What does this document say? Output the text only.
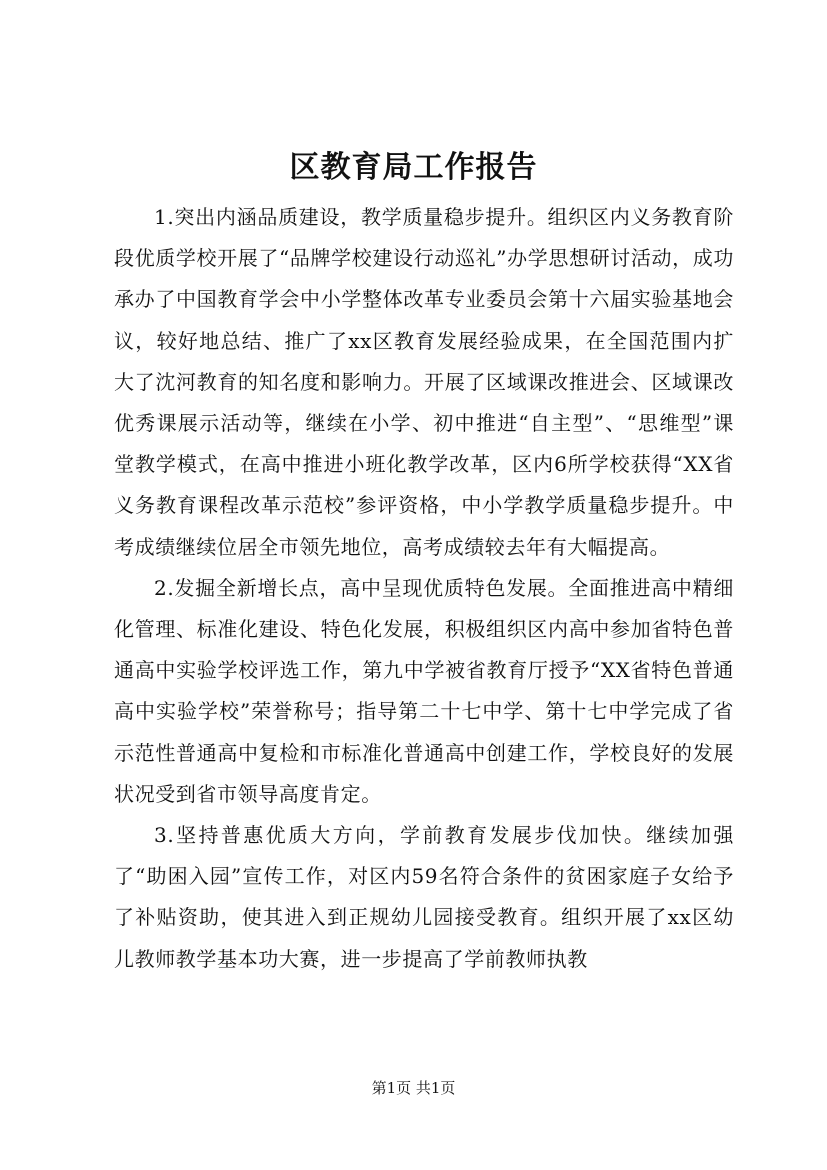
区教育局工作报告

1.突出内涵品质建设，教学质量稳步提升。组织区内义务教育阶段优质学校开展了“品牌学校建设行动巡礼”办学思想研讨活动，成功承办了中国教育学会中小学整体改革专业委员会第十六届实验基地会议，较好地总结、推广了xx区教育发展经验成果，在全国范围内扩大了沈河教育的知名度和影响力。开展了区域课改推进会、区域课改优秀课展示活动等，继续在小学、初中推进“自主型”、“思维型”课堂教学模式，在高中推进小班化教学改革，区内6所学校获得“XX省义务教育课程改革示范校”参评资格，中小学教学质量稳步提升。中考成绩继续位居全市领先地位，高考成绩较去年有大幅提高。

2.发掘全新增长点，高中呈现优质特色发展。全面推进高中精细化管理、标准化建设、特色化发展，积极组织区内高中参加省特色普通高中实验学校评选工作，第九中学被省教育厅授予“XX省特色普通高中实验学校”荣誉称号；指导第二十七中学、第十七中学完成了省示范性普通高中复检和市标准化普通高中创建工作，学校良好的发展状况受到省市领导高度肯定。

3.坚持普惠优质大方向，学前教育发展步伐加快。继续加强了“助困入园”宣传工作，对区内59名符合条件的贫困家庭子女给予了补贴资助，使其进入到正规幼儿园接受教育。组织开展了xx区幼儿教师教学基本功大赛，进一步提高了学前教师执教

第1页 共1页
